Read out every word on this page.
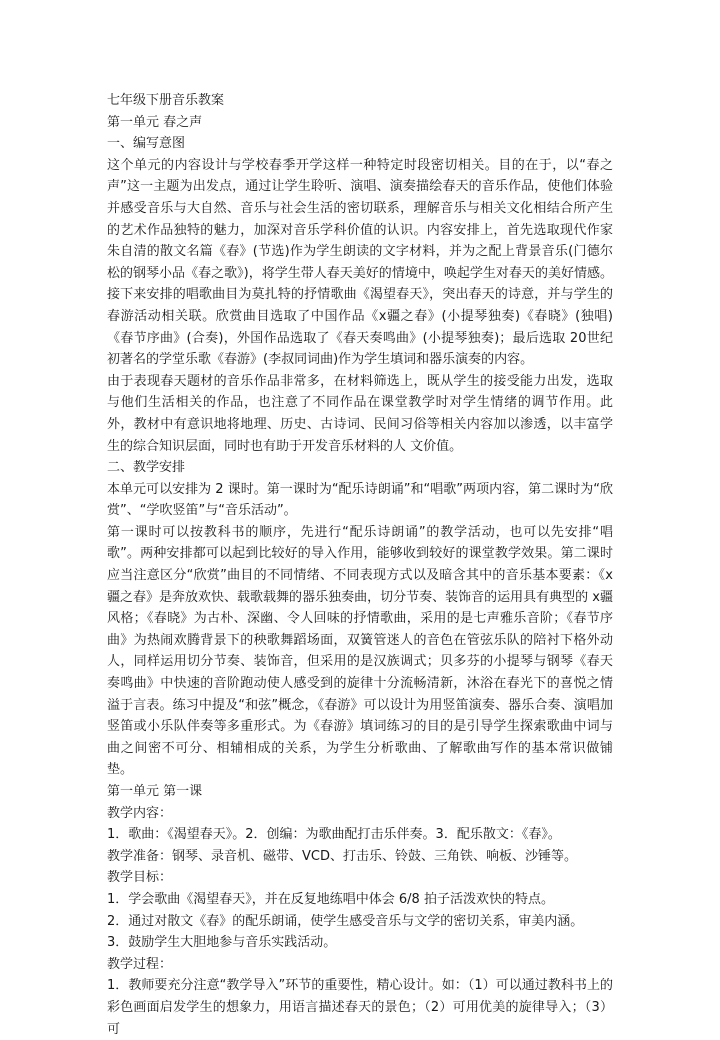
七年级下册音乐教案
第一单元 春之声
一、编写意图

这个单元的内容设计与学校春季开学这样一种特定时段密切相关。目的在于，以“春之声”这一主题为出发点，通过让学生聆听、演唱、演奏描绘春天的音乐作品，使他们体验并感受音乐与大自然、音乐与社会生活的密切联系，理解音乐与相关文化相结合所产生的艺术作品独特的魅力，加深对音乐学科价值的认识。内容安排上，首先选取现代作家朱自清的散文名篇《春》(节选)作为学生朗读的文字材料，并为之配上背景音乐(门德尔松的钢琴小品《春之歌》)，将学生带人春天美好的情境中，唤起学生对春天的美好情感。接下来安排的唱歌曲目为莫扎特的抒情歌曲《渴望春天》，突出春天的诗意，并与学生的春游活动相关联。欣赏曲目选取了中国作品《x疆之春》(小提琴独奏)《春晓》(独唱)《春节序曲》(合奏)，外国作品选取了《春天奏鸣曲》(小提琴独奏)；最后选取 20世纪初著名的学堂乐歌《春游》(李叔同词曲)作为学生填词和器乐演奏的内容。

由于表现春天题材的音乐作品非常多，在材料筛选上，既从学生的接受能力出发，选取与他们生活相关的作品，也注意了不同作品在课堂教学时对学生情绪的调节作用。此外，教材中有意识地将地理、历史、古诗词、民间习俗等相关内容加以渗透，以丰富学生的综合知识层面，同时也有助于开发音乐材料的人 文价值。

二、教学安排

本单元可以安排为 2 课时。第一课时为“配乐诗朗诵”和“唱歌”两项内容，第二课时为“欣赏”、“学吹竖笛”与“音乐活动”。

第一课时可以按教科书的顺序，先进行“配乐诗朗诵”的教学活动，也可以先安排“唱歌”。两种安排都可以起到比较好的导入作用，能够收到较好的课堂教学效果。第二课时应当注意区分“欣赏”曲目的不同情绪、不同表现方式以及暗含其中的音乐基本要素：《x疆之春》是奔放欢快、载歌载舞的器乐独奏曲，切分节奏、装饰音的运用具有典型的 x疆风格；《春晓》为古朴、深幽、令人回味的抒情歌曲，采用的是七声雅乐音阶；《春节序曲》为热闹欢腾背景下的秧歌舞蹈场面，双簧管迷人的音色在管弦乐队的陪衬下格外动人，同样运用切分节奏、装饰音，但采用的是汉族调式；贝多芬的小提琴与钢琴《春天奏鸣曲》中快速的音阶跑动使人感受到的旋律十分流畅清新，沐浴在春光下的喜悦之情溢于言表。练习中提及“和弦”概念，《春游》可以设计为用竖笛演奏、器乐合奏、演唱加竖笛或小乐队伴奏等多重形式。为《春游》填词练习的目的是引导学生探索歌曲中词与曲之间密不可分、相辅相成的关系，为学生分析歌曲、了解歌曲写作的基本常识做铺垫。

第一单元 第一课
教学内容：
1．歌曲：《渴望春天》。2．创编：为歌曲配打击乐伴奏。3．配乐散文：《春》。
教学准备：钢琴、录音机、磁带、VCD、打击乐、铃鼓、三角铁、响板、沙锤等。
教学目标：
1．学会歌曲《渴望春天》，并在反复地练唱中体会 6/8 拍子活泼欢快的特点。
2．通过对散文《春》的配乐朗诵，使学生感受音乐与文学的密切关系，审美内涵。
3．鼓励学生大胆地参与音乐实践活动。
教学过程：

1．教师要充分注意“教学导入”环节的重要性，精心设计。如：（1）可以通过教科书上的彩色画面启发学生的想象力，用语言描述春天的景色；（2）可用优美的旋律导入；（3）可
